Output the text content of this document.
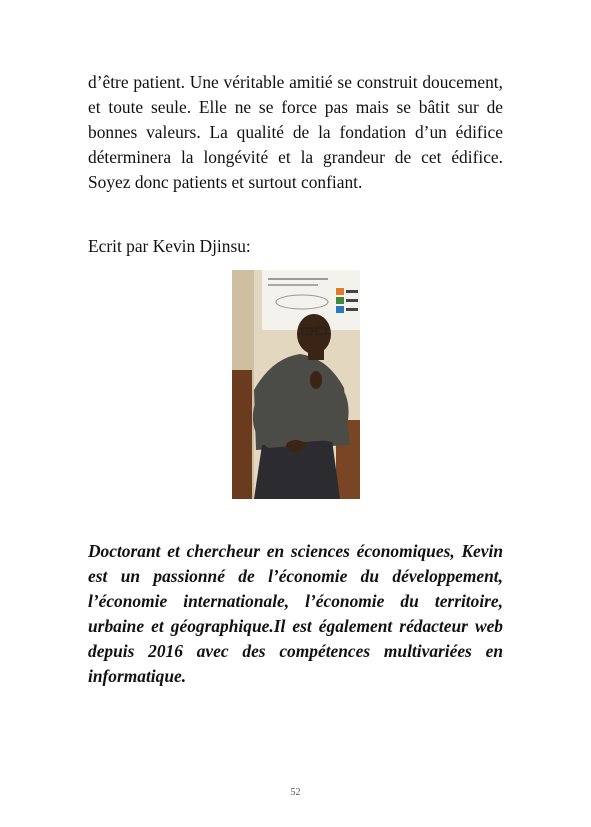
d’être patient. Une véritable amitié se construit doucement, et toute seule. Elle ne se force pas mais se bâtit sur de bonnes valeurs. La qualité de la fondation d’un édifice déterminera la longévité et la grandeur de cet édifice. Soyez donc patients et surtout confiant.

Ecrit par Kevin Djinsu:

Doctorant et chercheur en sciences économiques, Kevin est un passionné de l’économie du développement, l’économie internationale, l’économie du territoire, urbaine et géographique.Il est également rédacteur web depuis 2016 avec des compétences multivariées en informatique.

52
